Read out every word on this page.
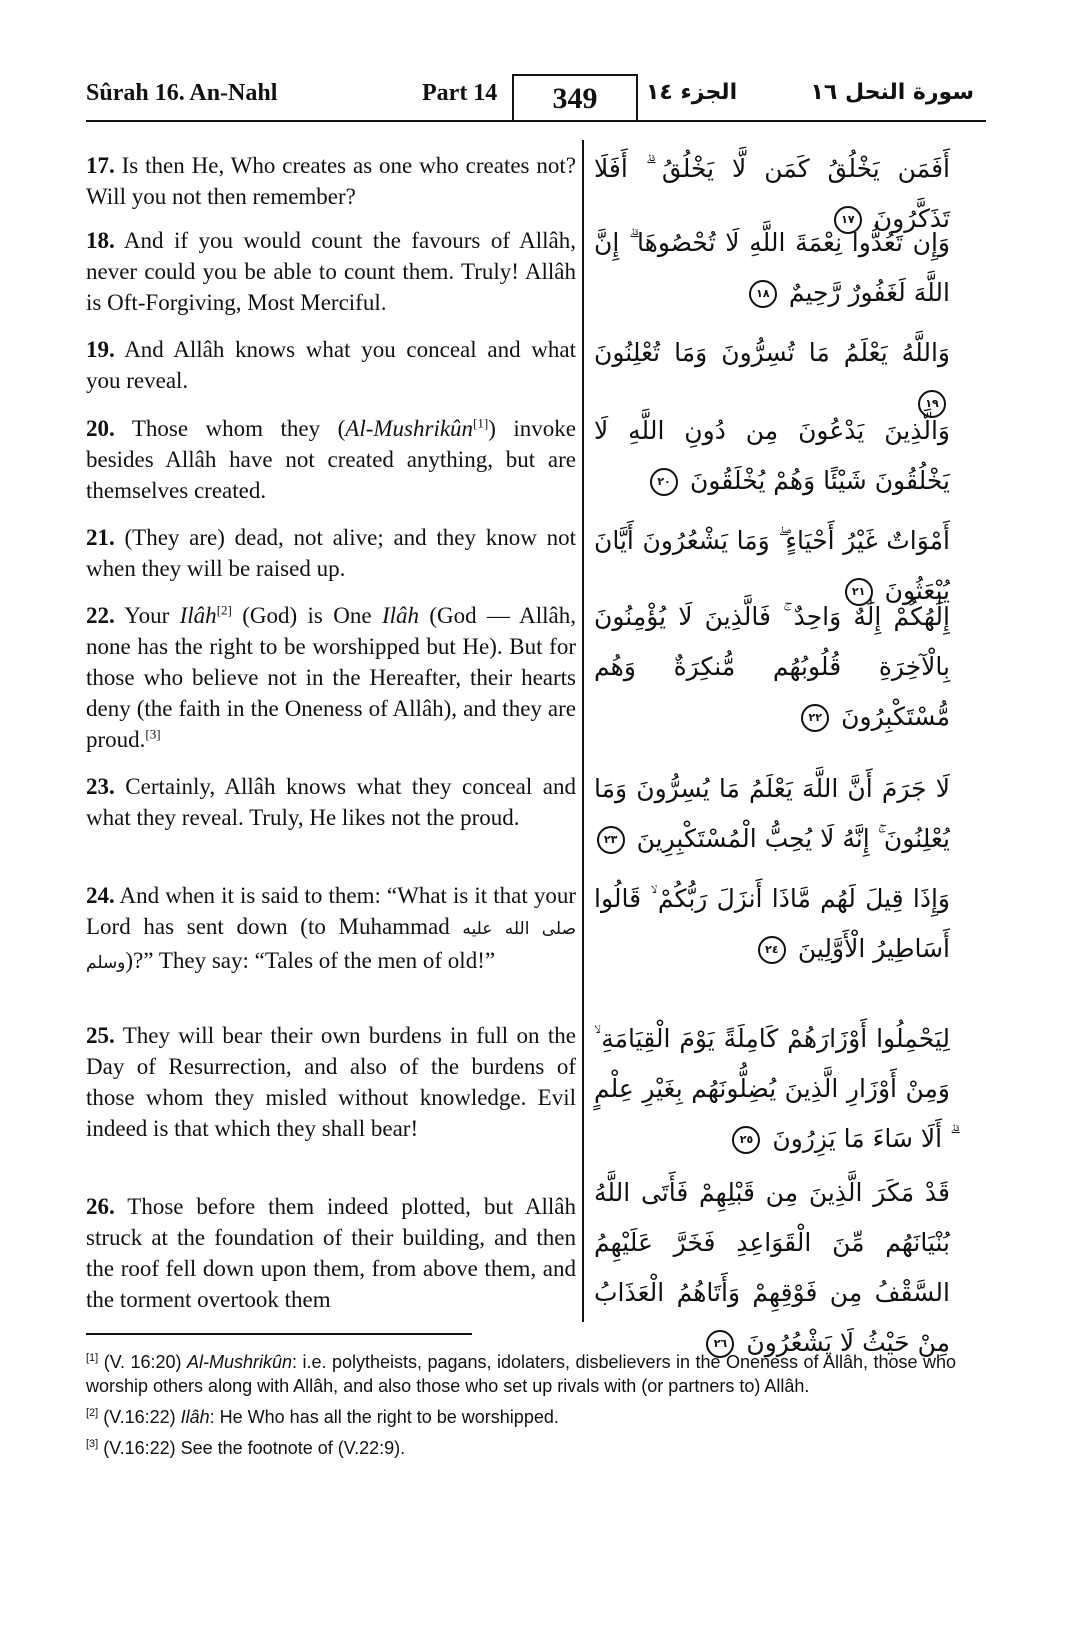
Sûrah 16. An-Nahl	Part 14	349	الجزء ١٤	سورة النحل ١٦
17. Is then He, Who creates as one who creates not? Will you not then remember?
أَفَمَن يَخْلُقُ كَمَن لَّا يَخْلُقُ ۗ أَفَلَا تَذَكَّرُونَ ١٧
18. And if you would count the favours of Allâh, never could you be able to count them. Truly! Allâh is Oft-Forgiving, Most Merciful.
وَإِن تَعُدُّوا نِعْمَةَ اللَّهِ لَا تُحْصُوهَا ۗ إِنَّ اللَّهَ لَغَفُورٌ رَّحِيمٌ ١٨
19. And Allâh knows what you conceal and what you reveal.
وَاللَّهُ يَعْلَمُ مَا تُسِرُّونَ وَمَا تُعْلِنُونَ ١٩
20. Those whom they (Al-Mushrikûn[1]) invoke besides Allâh have not created anything, but are themselves created.
وَالَّذِينَ يَدْعُونَ مِن دُونِ اللَّهِ لَا يَخْلُقُونَ شَيْئًا وَهُمْ يُخْلَقُونَ ٢٠
21. (They are) dead, not alive; and they know not when they will be raised up.
أَمْوَاتٌ غَيْرُ أَحْيَاءٍ ۖ وَمَا يَشْعُرُونَ أَيَّانَ يُبْعَثُونَ ٢١
22. Your Ilâh[2] (God) is One Ilâh (God — Allâh, none has the right to be worshipped but He). But for those who believe not in the Hereafter, their hearts deny (the faith in the Oneness of Allâh), and they are proud.[3]
إِلَٰهُكُمْ إِلَٰهٌ وَاحِدٌ ۚ فَالَّذِينَ لَا يُؤْمِنُونَ بِالْآخِرَةِ قُلُوبُهُم مُّنكِرَةٌ وَهُم مُّسْتَكْبِرُونَ ٢٢
23. Certainly, Allâh knows what they conceal and what they reveal. Truly, He likes not the proud.
لَا جَرَمَ أَنَّ اللَّهَ يَعْلَمُ مَا يُسِرُّونَ وَمَا يُعْلِنُونَ ۚ إِنَّهُ لَا يُحِبُّ الْمُسْتَكْبِرِينَ ٢٣
24. And when it is said to them: “What is it that your Lord has sent down (to Muhammad صلى الله عليه وسلم)?” They say: “Tales of the men of old!”
وَإِذَا قِيلَ لَهُم مَّاذَا أَنزَلَ رَبُّكُمْ ۙ قَالُوا أَسَاطِيرُ الْأَوَّلِينَ ٢٤
25. They will bear their own burdens in full on the Day of Resurrection, and also of the burdens of those whom they misled without knowledge. Evil indeed is that which they shall bear!
لِيَحْمِلُوا أَوْزَارَهُمْ كَامِلَةً يَوْمَ الْقِيَامَةِ ۙ وَمِنْ أَوْزَارِ الَّذِينَ يُضِلُّونَهُم بِغَيْرِ عِلْمٍ ۗ أَلَا سَاءَ مَا يَزِرُونَ ٢٥
26. Those before them indeed plotted, but Allâh struck at the foundation of their building, and then the roof fell down upon them, from above them, and the torment overtook them
قَدْ مَكَرَ الَّذِينَ مِن قَبْلِهِمْ فَأَتَى اللَّهُ بُنْيَانَهُم مِّنَ الْقَوَاعِدِ فَخَرَّ عَلَيْهِمُ السَّقْفُ مِن فَوْقِهِمْ وَأَتَاهُمُ الْعَذَابُ مِنْ حَيْثُ لَا يَشْعُرُونَ ٢٦
[1] (V. 16:20) Al-Mushrikûn: i.e. polytheists, pagans, idolaters, disbelievers in the Oneness of Allâh, those who worship others along with Allâh, and also those who set up rivals with (or partners to) Allâh.
[2] (V.16:22) Ilâh: He Who has all the right to be worshipped.
[3] (V.16:22) See the footnote of (V.22:9).
